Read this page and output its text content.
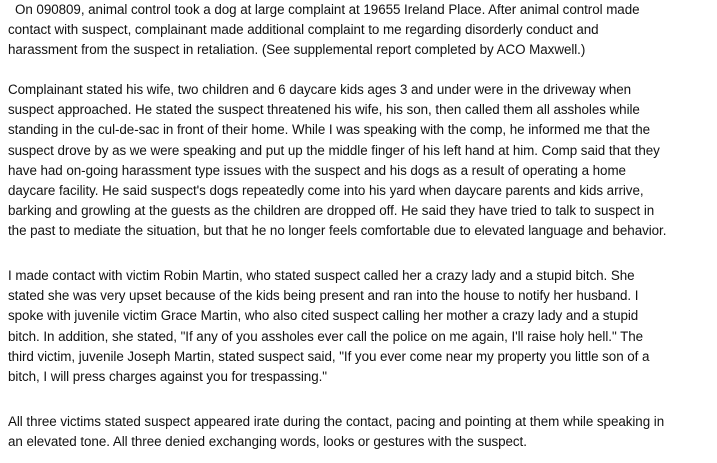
On 090809, animal control took a dog at large complaint at 19655 Ireland Place. After animal control made
contact with suspect, complainant made additional complaint to me regarding disorderly conduct and
harassment from the suspect in retaliation. (See supplemental report completed by ACO Maxwell.)

Complainant stated his wife, two children and 6 daycare kids ages 3 and under were in the driveway when
suspect approached. He stated the suspect threatened his wife, his son, then called them all assholes while
standing in the cul-de-sac in front of their home. While I was speaking with the comp, he informed me that the
suspect drove by as we were speaking and put up the middle finger of his left hand at him. Comp said that they
have had on-going harassment type issues with the suspect and his dogs as a result of operating a home
daycare facility. He said suspect's dogs repeatedly come into his yard when daycare parents and kids arrive,
barking and growling at the guests as the children are dropped off. He said they have tried to talk to suspect in
the past to mediate the situation, but that he no longer feels comfortable due to elevated language and behavior.

I made contact with victim Robin Martin, who stated suspect called her a crazy lady and a stupid bitch. She
stated she was very upset because of the kids being present and ran into the house to notify her husband. I
spoke with juvenile victim Grace Martin, who also cited suspect calling her mother a crazy lady and a stupid
bitch. In addition, she stated, "If any of you assholes ever call the police on me again, I'll raise holy hell." The
third victim, juvenile Joseph Martin, stated suspect said, "If you ever come near my property you little son of a
bitch, I will press charges against you for trespassing."

All three victims stated suspect appeared irate during the contact, pacing and pointing at them while speaking in
an elevated tone. All three denied exchanging words, looks or gestures with the suspect.
